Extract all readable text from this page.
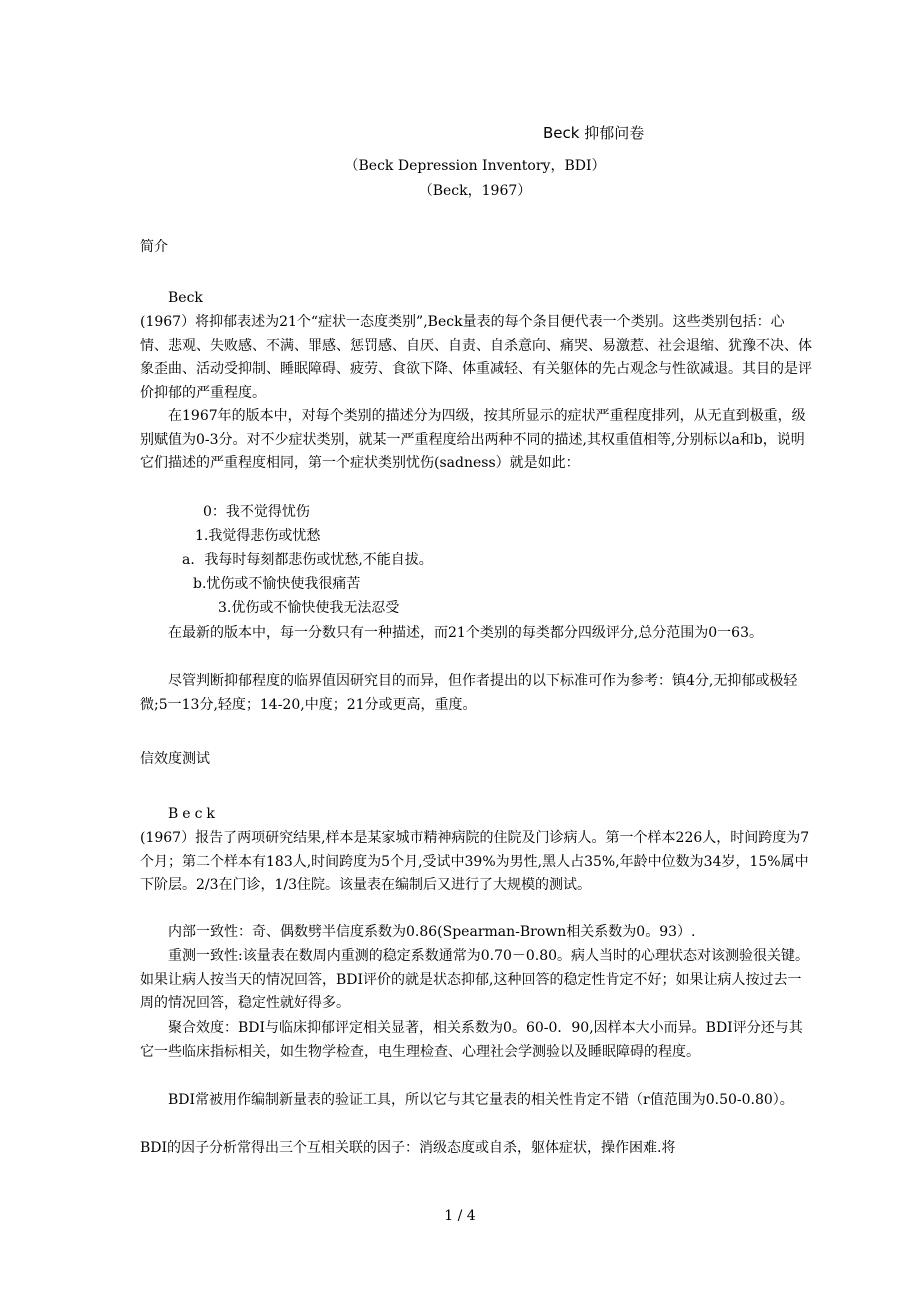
Beck 抑郁问卷
（Beck Depression Inventory，BDI）
（Beck，1967）
简介
Beck

(1967）将抑郁表述为21个“症状一态度类别”,Beck量表的每个条目便代表一个类别。这些类别包括：心情、悲观、失败感、不满、罪感、惩罚感、自厌、自责、自杀意向、痛哭、易激惹、社会退缩、犹豫不决、体象歪曲、活动受抑制、睡眠障碍、疲劳、食欲下降、体重减轻、有关躯体的先占观念与性欲减退。其目的是评价抑郁的严重程度。

在1967年的版本中，对每个类别的描述分为四级，按其所显示的症状严重程度排列，从无直到极重，级别赋值为0-3分。对不少症状类别，就某一严重程度给出两种不同的描述,其权重值相等,分别标以a和b，说明它们描述的严重程度相同，第一个症状类别忧伤(sadness）就是如此：

0：我不觉得忧伤
1.我觉得悲伤或忧愁
a．我每时每刻都悲伤或忧愁,不能自拔。
b.忧伤或不愉快使我很痛苦
3.优伤或不愉快使我无法忍受

在最新的版本中，每一分数只有一种描述，而21个类别的每类都分四级评分,总分范围为0一63。

尽管判断抑郁程度的临界值因研究目的而异，但作者提出的以下标准可作为参考：镇4分,无抑郁或极轻微;5一13分,轻度；14-20,中度；21分或更高，重度。

信效度测试
Beck

(1967）报告了两项研究结果,样本是某家城市精神病院的住院及门诊病人。第一个样本226人，时间跨度为7个月；第二个样本有183人,时间跨度为5个月,受试中39%为男性,黑人占35%,年龄中位数为34岁，15%属中下阶层。2/3在门诊，1/3住院。该量表在编制后又进行了大规模的测试。

内部一致性：奇、偶数劈半信度系数为0.86(Spearman-Brown相关系数为0。93）.

重测一致性:该量表在数周内重测的稳定系数通常为0.70－0.80。病人当时的心理状态对该测验很关键。如果让病人按当天的情况回答，BDI评价的就是状态抑郁,这种回答的稳定性肯定不好；如果让病人按过去一周的情况回答，稳定性就好得多。

聚合效度：BDI与临床抑郁评定相关显著，相关系数为0。60-0．90,因样本大小而异。BDI评分还与其它一些临床指标相关，如生物学检查，电生理检查、心理社会学测验以及睡眠障碍的程度。

BDI常被用作编制新量表的验证工具，所以它与其它量表的相关性肯定不错（r值范围为0.50-0.80）。

BDI的因子分析常得出三个互相关联的因子：消级态度或自杀，躯体症状，操作困难.将

1 / 4
